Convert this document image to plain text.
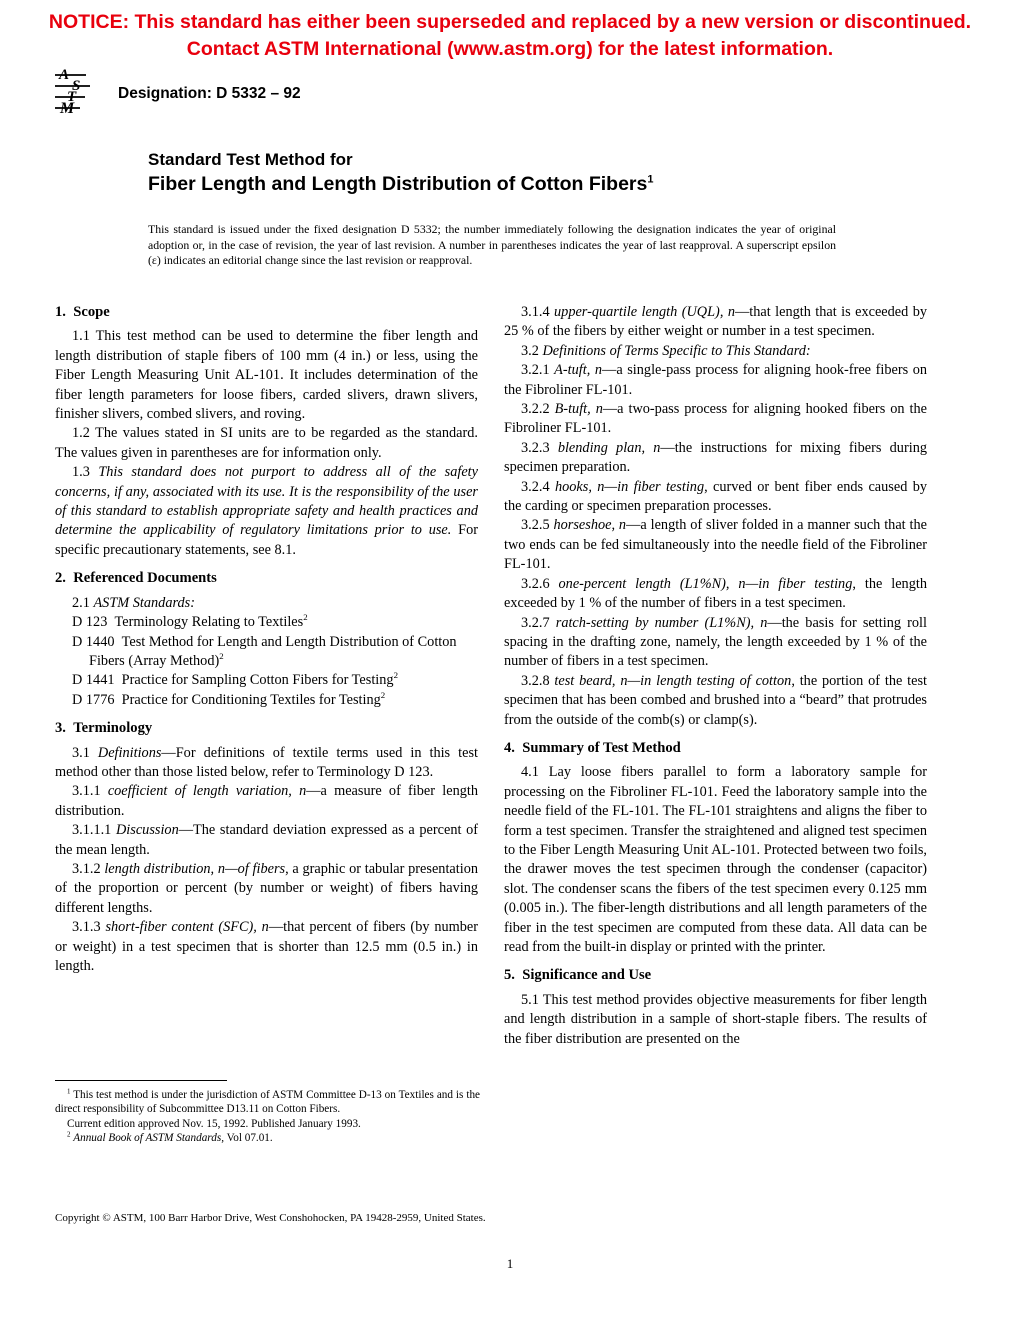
NOTICE: This standard has either been superseded and replaced by a new version or discontinued.
Contact ASTM International (www.astm.org) for the latest information.
A
S
T
M
Designation: D 5332 – 92
Standard Test Method for
Fiber Length and Length Distribution of Cotton Fibers$^1$
This standard is issued under the fixed designation D 5332; the number immediately following the designation indicates the year of original adoption or, in the case of revision, the year of last revision. A number in parentheses indicates the year of last reapproval. A superscript epsilon (ε) indicates an editorial change since the last revision or reapproval.
1.  Scope

1.1 This test method can be used to determine the fiber length and length distribution of staple fibers of 100 mm (4 in.) or less, using the Fiber Length Measuring Unit AL-101. It includes determination of the fiber length parameters for loose fibers, carded slivers, drawn slivers, finisher slivers, combed slivers, and roving.

1.2 The values stated in SI units are to be regarded as the standard. The values given in parentheses are for information only.

1.3 This standard does not purport to address all of the safety concerns, if any, associated with its use. It is the responsibility of the user of this standard to establish appropriate safety and health practices and determine the applicability of regulatory limitations prior to use. For specific precautionary statements, see 8.1.

2.  Referenced Documents

2.1 ASTM Standards:

D 123  Terminology Relating to Textiles$^2$

D 1440  Test Method for Length and Length Distribution of Cotton Fibers (Array Method)$^2$

D 1441  Practice for Sampling Cotton Fibers for Testing$^2$

D 1776  Practice for Conditioning Textiles for Testing$^2$

3.  Terminology

3.1 Definitions—For definitions of textile terms used in this test method other than those listed below, refer to Terminology D 123.

3.1.1 coefficient of length variation, n—a measure of fiber length distribution.

3.1.1.1 Discussion—The standard deviation expressed as a percent of the mean length.

3.1.2 length distribution, n—of fibers, a graphic or tabular presentation of the proportion or percent (by number or weight) of fibers having different lengths.

3.1.3 short-fiber content (SFC), n—that percent of fibers (by number or weight) in a test specimen that is shorter than 12.5 mm (0.5 in.) in length.

3.1.4 upper-quartile length (UQL), n—that length that is exceeded by 25 % of the fibers by either weight or number in a test specimen.

3.2 Definitions of Terms Specific to This Standard:

3.2.1 A-tuft, n—a single-pass process for aligning hook-free fibers on the Fibroliner FL-101.

3.2.2 B-tuft, n—a two-pass process for aligning hooked fibers on the Fibroliner FL-101.

3.2.3 blending plan, n—the instructions for mixing fibers during specimen preparation.

3.2.4 hooks, n—in fiber testing, curved or bent fiber ends caused by the carding or specimen preparation processes.

3.2.5 horseshoe, n—a length of sliver folded in a manner such that the two ends can be fed simultaneously into the needle field of the Fibroliner FL-101.

3.2.6 one-percent length (L1%N), n—in fiber testing, the length exceeded by 1 % of the number of fibers in a test specimen.

3.2.7 ratch-setting by number (L1%N), n—the basis for setting roll spacing in the drafting zone, namely, the length exceeded by 1 % of the number of fibers in a test specimen.

3.2.8 test beard, n—in length testing of cotton, the portion of the test specimen that has been combed and brushed into a “beard” that protrudes from the outside of the comb(s) or clamp(s).

4.  Summary of Test Method

4.1 Lay loose fibers parallel to form a laboratory sample for processing on the Fibroliner FL-101. Feed the laboratory sample into the needle field of the FL-101. The FL-101 straightens and aligns the fiber to form a test specimen. Transfer the straightened and aligned test specimen to the Fiber Length Measuring Unit AL-101. Protected between two foils, the drawer moves the test specimen through the condenser (capacitor) slot. The condenser scans the fibers of the test specimen every 0.125 mm (0.005 in.). The fiber-length distributions and all length parameters of the fiber in the test specimen are computed from these data. All data can be read from the built-in display or printed with the printer.

5.  Significance and Use

5.1 This test method provides objective measurements for fiber length and length distribution in a sample of short-staple fibers. The results of the fiber distribution are presented on the

$^1$ This test method is under the jurisdiction of ASTM Committee D-13 on Textiles and is the direct responsibility of Subcommittee D13.11 on Cotton Fibers.

Current edition approved Nov. 15, 1992. Published January 1993.

$^2$ Annual Book of ASTM Standards, Vol 07.01.

Copyright © ASTM, 100 Barr Harbor Drive, West Conshohocken, PA 19428-2959, United States.
1
